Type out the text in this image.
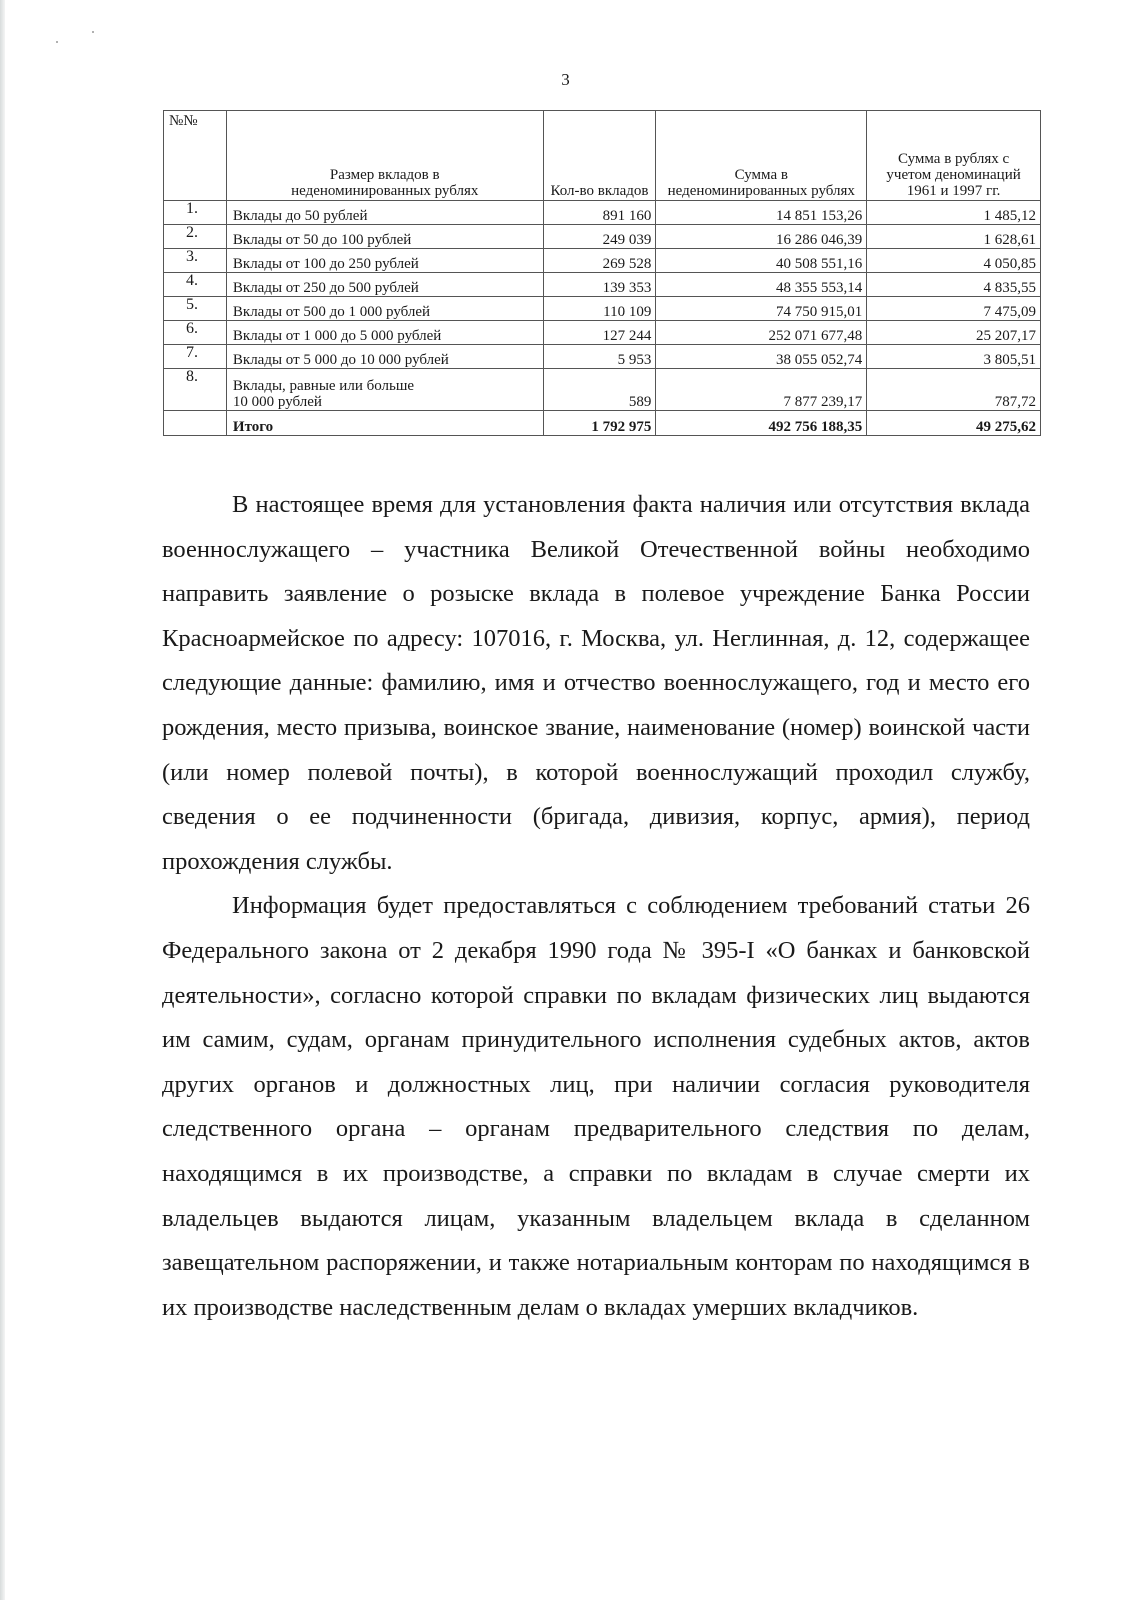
3
№№	Размер вкладов в неденоминированных рублях	Кол-во вкладов	Сумма в неденоминированных рублях	Сумма в рублях с учетом деноминаций 1961 и 1997 гг.
1.	Вклады до 50 рублей	891 160	14 851 153,26	1 485,12
2.	Вклады от 50 до 100 рублей	249 039	16 286 046,39	1 628,61
3.	Вклады от 100 до 250 рублей	269 528	40 508 551,16	4 050,85
4.	Вклады от 250 до 500 рублей	139 353	48 355 553,14	4 835,55
5.	Вклады от 500 до 1 000 рублей	110 109	74 750 915,01	7 475,09
6.	Вклады от 1 000 до 5 000 рублей	127 244	252 071 677,48	25 207,17
7.	Вклады от 5 000 до 10 000 рублей	5 953	38 055 052,74	3 805,51
8.	Вклады, равные или больше 10 000 рублей	589	7 877 239,17	787,72
	Итого	1 792 975	492 756 188,35	49 275,62

В настоящее время для установления факта наличия или отсутствия вклада военнослужащего – участника Великой Отечественной войны необходимо направить заявление о розыске вклада в полевое учреждение Банка России Красноармейское по адресу: 107016, г. Москва, ул. Неглинная, д. 12, содержащее следующие данные: фамилию, имя и отчество военнослужащего, год и место его рождения, место призыва, воинское звание, наименование (номер) воинской части (или номер полевой почты), в которой военнослужащий проходил службу, сведения о ее подчиненности (бригада, дивизия, корпус, армия), период прохождения службы.

Информация будет предоставляться с соблюдением требований статьи 26 Федерального закона от 2 декабря 1990 года № 395-I «О банках и банковской деятельности», согласно которой справки по вкладам физических лиц выдаются им самим, судам, органам принудительного исполнения судебных актов, актов других органов и должностных лиц, при наличии согласия руководителя следственного органа – органам предварительного следствия по делам, находящимся в их производстве, а справки по вкладам в случае смерти их владельцев выдаются лицам, указанным владельцем вклада в сделанном завещательном распоряжении, и также нотариальным конторам по находящимся в их производстве наследственным делам о вкладах умерших вкладчиков.
